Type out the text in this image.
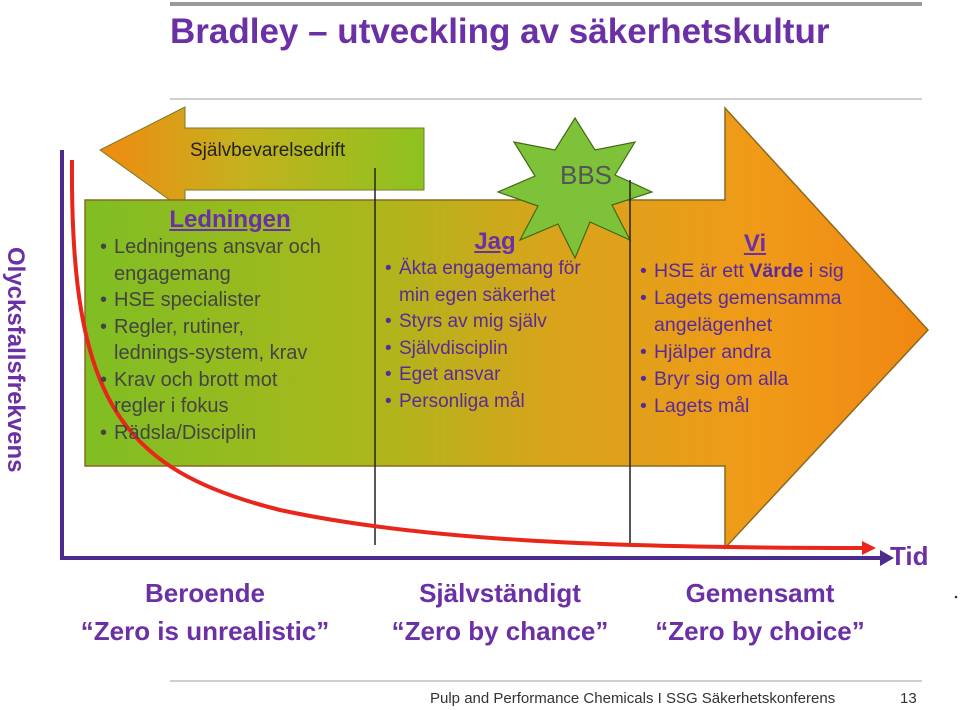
Bradley – utveckling av säkerhetskultur
Olycksfallsfrekvens
Självbevarelsedrift
BBS
Ledningen
• Ledningens ansvar och
engagemang
• HSE specialister
• Regler, rutiner,
lednings-system, krav
• Krav och brott mot
regler i fokus
• Rädsla/Disciplin
Jag
• Äkta engagemang för
min egen säkerhet
• Styrs av mig själv
• Självdisciplin
• Eget ansvar
• Personliga mål
Vi
• HSE är ett Värde i sig
• Lagets gemensamma
angelägenhet
• Hjälper andra
• Bryr sig om alla
• Lagets mål
Tid
Beroende
“Zero is unrealistic”
Självständigt
“Zero by chance”
Gemensamt
“Zero by choice”
Pulp and Performance Chemicals I SSG Säkerhetskonferens	13
